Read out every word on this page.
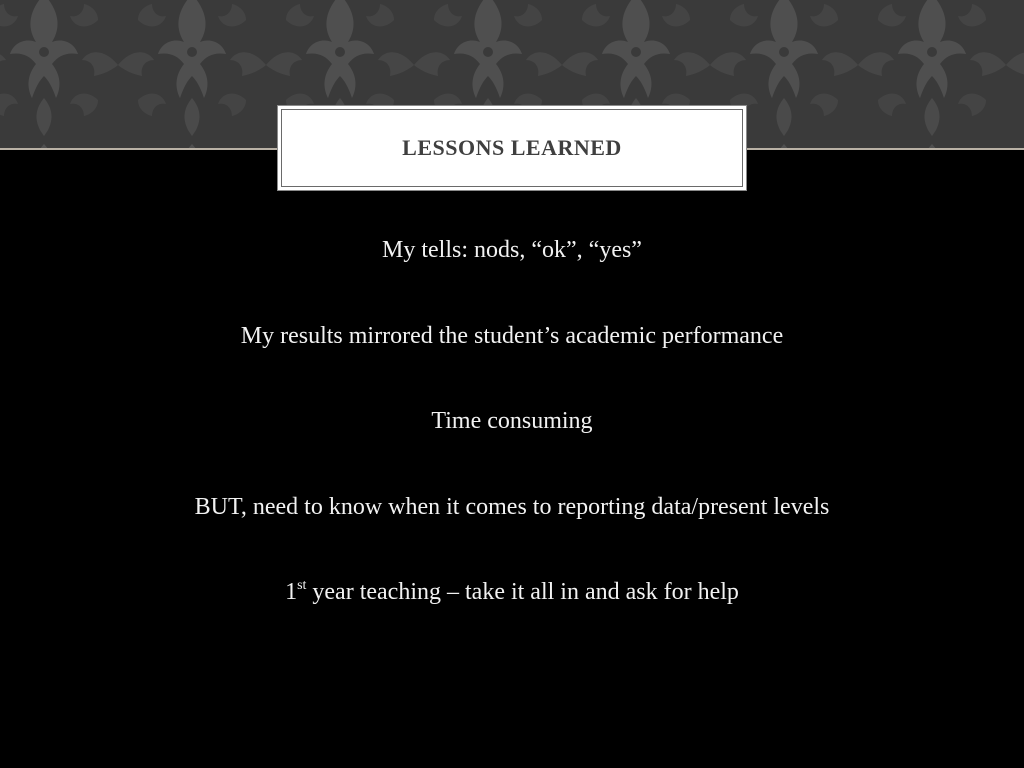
LESSONS LEARNED
My tells: nods, “ok”, “yes”
My results mirrored the student’s academic performance
Time consuming
BUT, need to know when it comes to reporting data/present levels
1st year teaching – take it all in and ask for help
